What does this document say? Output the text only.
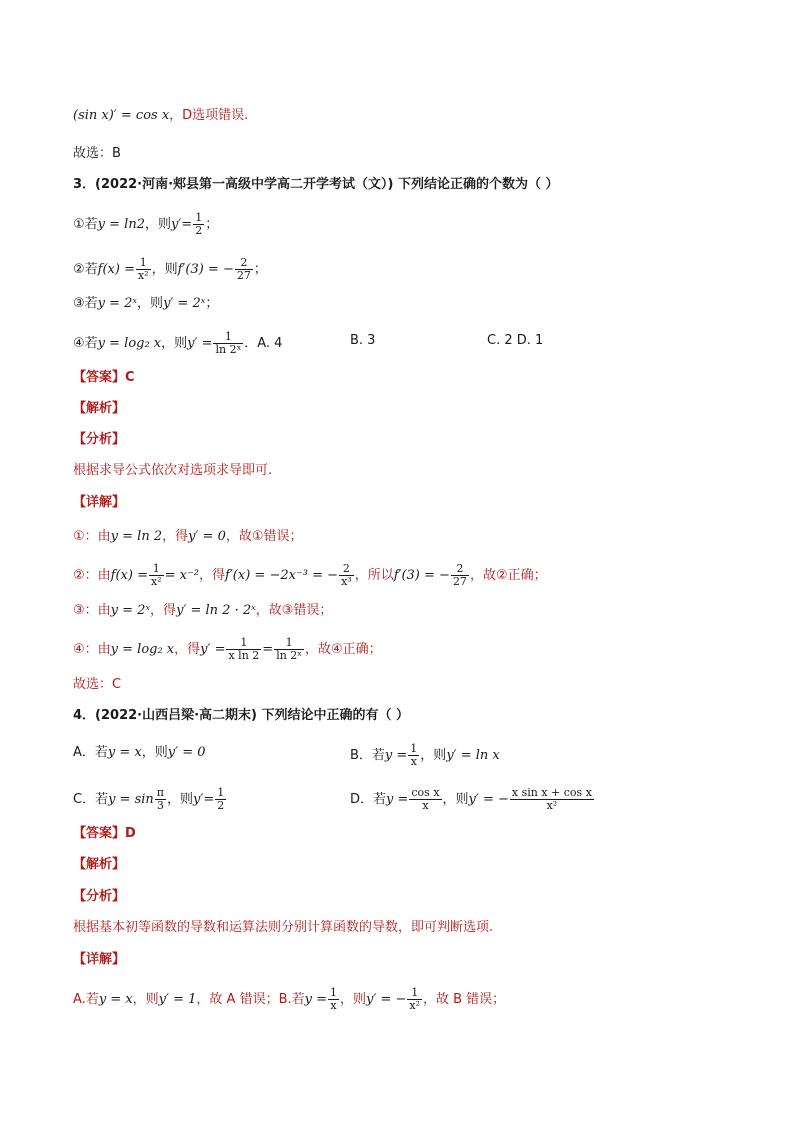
(sin x)′ = cos x，D选项错误.
故选：B
3．(2022·河南·郏县第一高级中学高二开学考试（文）) 下列结论正确的个数为（ ）
①若y = ln2，则$y'= \frac{1}{2}$ ；
②若$f(x) = \frac{1}{\text{x²}}$ ，则f′(3) = − $\frac{2}{27}$ ；
③若y = 2ˣ，则y′ = 2ˣ；
④若y = log₂ x，则$y' = \frac{1}{\text{ln 2ˣ}}$ ．A. 4	B. 3	C. 2 D. 1
【答案】C
【解析】
【分析】
根据求导公式依次对选项求导即可.
【详解】
①：由y = ln 2，得y′ = 0，故①错误；
②：由$f(x) = \frac{1}{\text{x²}} = x^{-2}$，得f′(x) = −2x⁻³ = − $\frac{2}{\text{x³}}$ ，所以f′(3) = − $\frac{2}{27}$ ，故②正确；
③：由y = 2ˣ，得y′ = ln 2 · 2ˣ，故③错误；
④：由y = log₂ x，得$y' = \frac{1}{\text{x ln 2}} = \frac{1}{\text{ln 2ˣ}}$ ，故④正确；
故选：C
4．(2022·山西吕梁·高二期末) 下列结论中正确的有（ ）
A．若y = x，则y′ = 0	B．若$y = \frac{1}{x}$ ，则y′ = ln x
C．若$y = \sin \frac{\pi}{3}$ ，则$y'= \frac{1}{2}$	D．若$y = \frac{\text{cos x}}{x}$ ，则y′ = − $\frac{\text{x sin x + cos x}}{\text{x²}}$
【答案】D
【解析】
【分析】
根据基本初等函数的导数和运算法则分别计算函数的导数，即可判断选项.
【详解】
A.若y = x，则y′ = 1，故 A 错误；B.若$y = \frac{1}{x}$ ，则y′ = − $\frac{1}{\text{x²}}$ ，故 B 错误；
